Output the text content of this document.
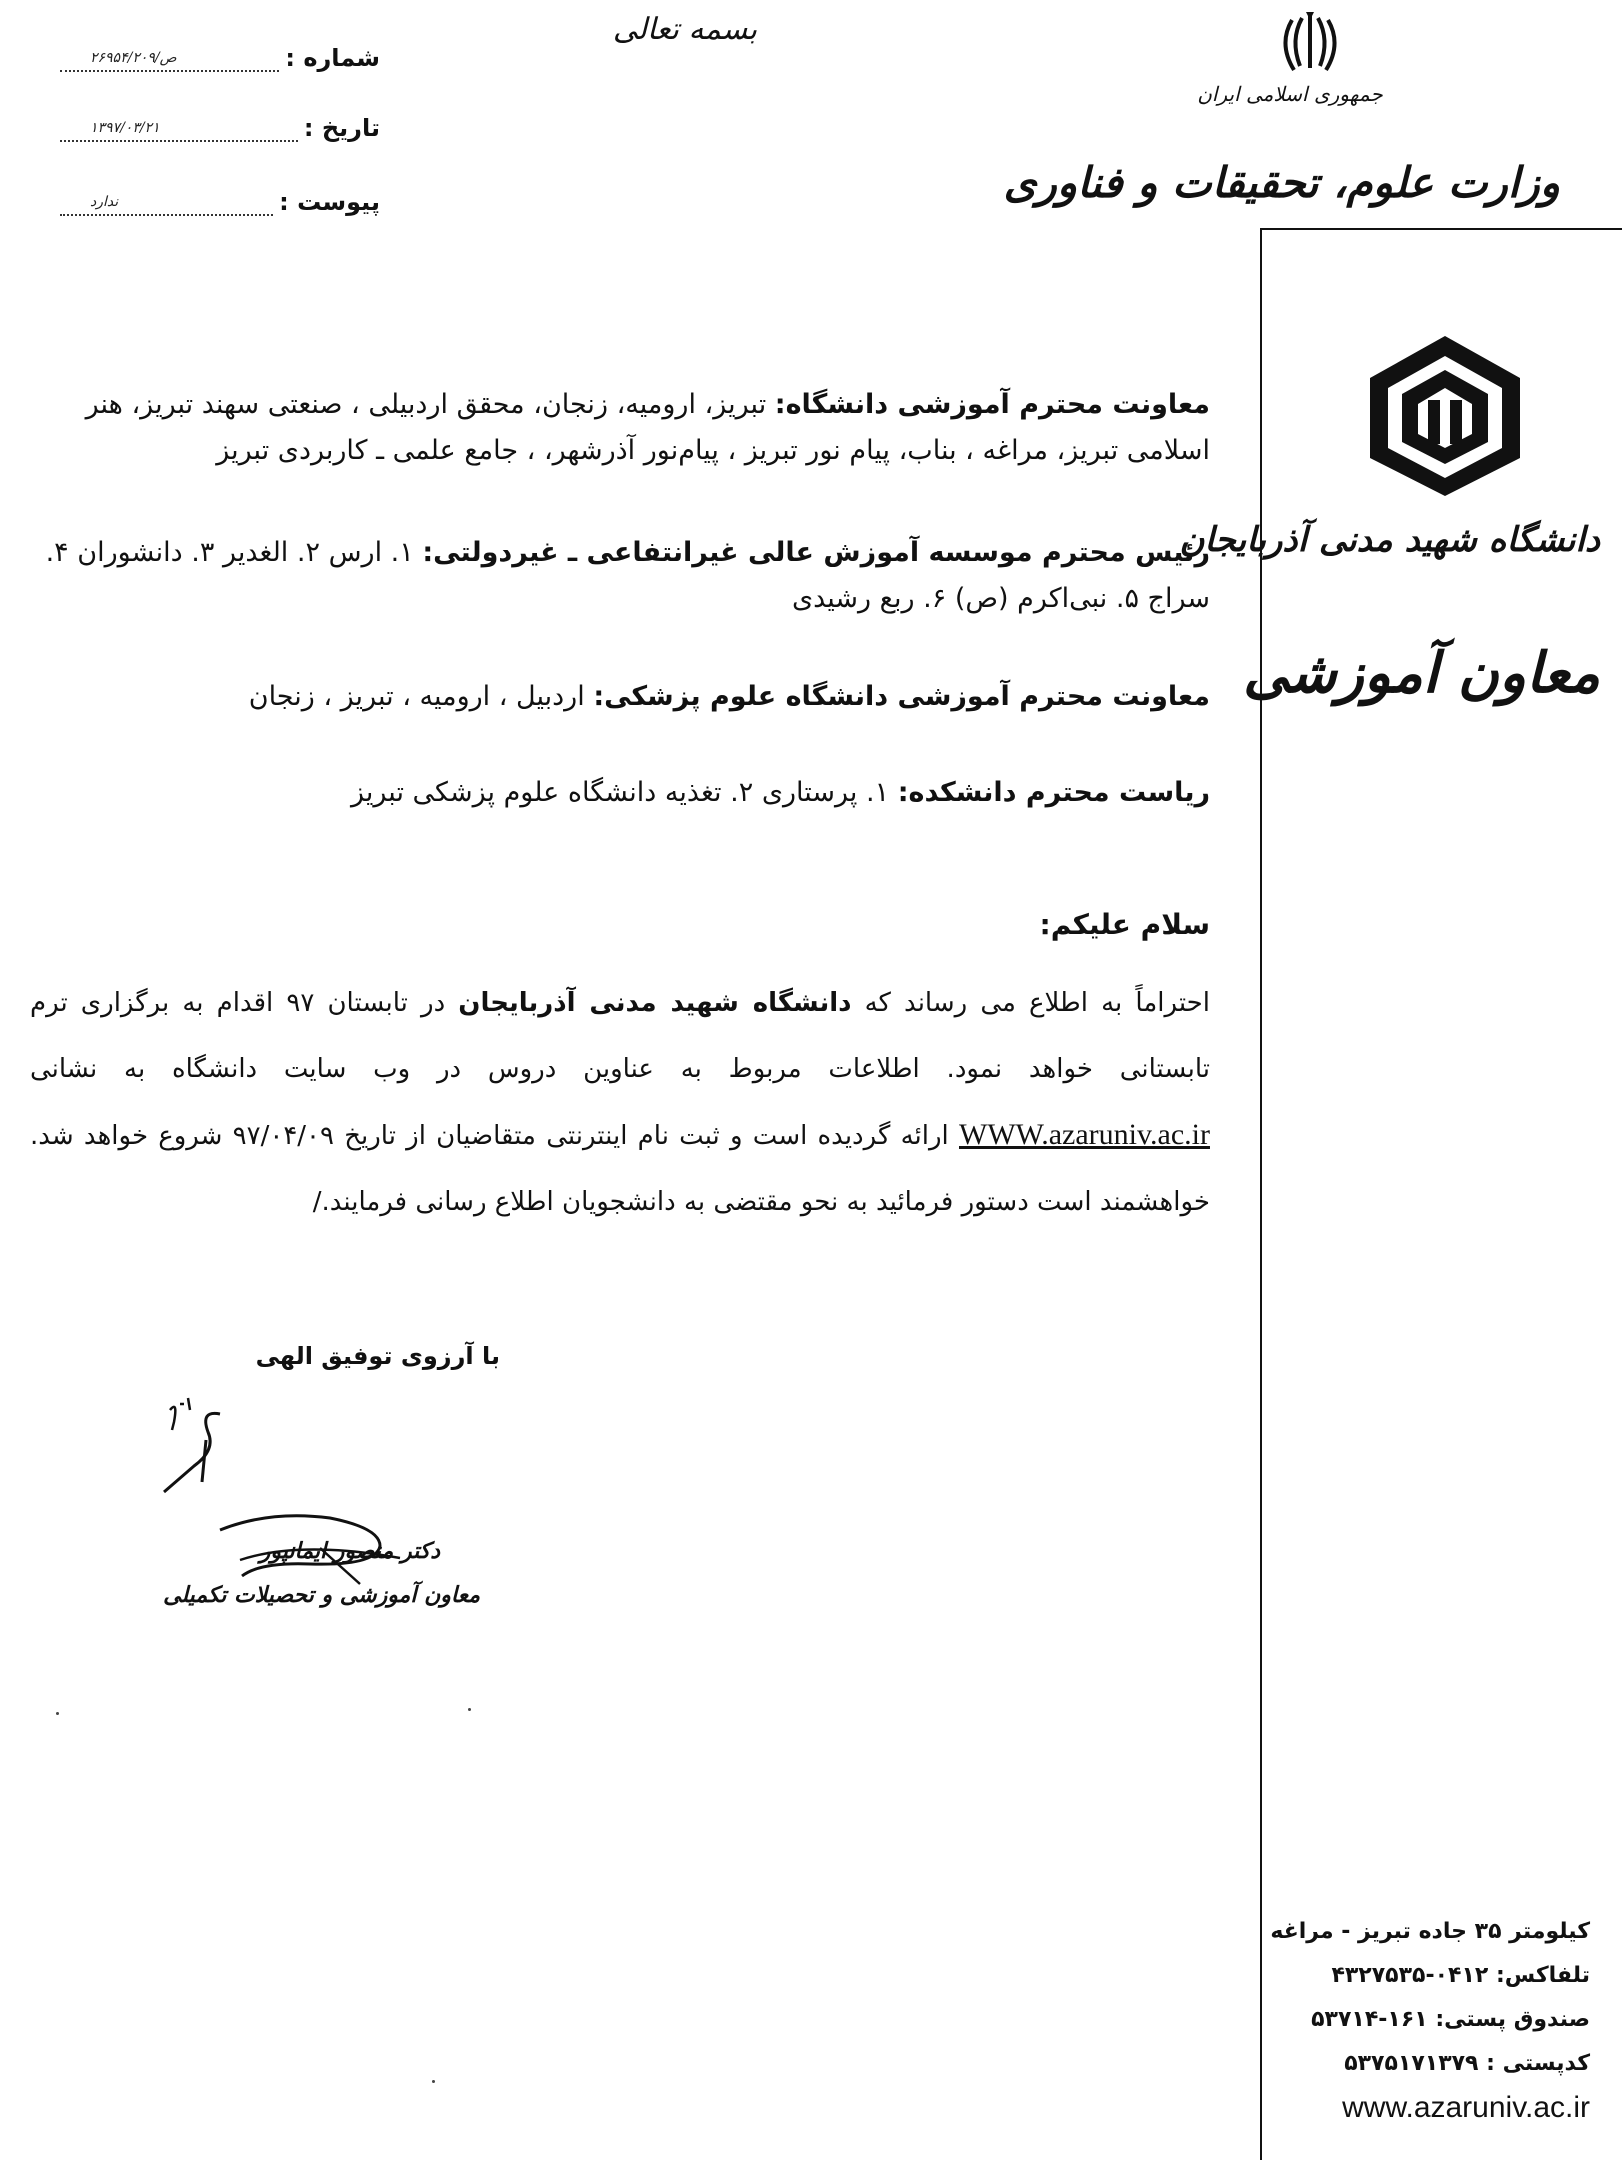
شماره :
۲۶۹۵۴/ص/۲۰۹
تاریخ :
۱۳۹۷/۰۳/۲۱
پیوست :
ندارد
بسمه تعالی
جمهوری اسلامی ایران
وزارت علوم، تحقیقات و فناوری
دانشگاه شهید مدنی آذربایجان
معاون آموزشی
کیلومتر ۳۵ جاده تبریز - مراغه
تلفاکس: ۰۴۱۲-۴۳۲۷۵۳۵
صندوق پستی: ۱۶۱-۵۳۷۱۴
کدپستی : ۵۳۷۵۱۷۱۳۷۹
www.azaruniv.ac.ir
معاونت محترم آموزشی دانشگاه: تبریز، ارومیه، زنجان، محقق اردبیلی ، صنعتی سهند تبریز، هنر اسلامی تبریز، مراغه ، بناب، پیام نور تبریز ، پیام‌نور آذرشهر، ، جامع علمی ـ کاربردی تبریز
رئیس محترم موسسه آموزش عالی غیرانتفاعی ـ غیردولتی: ۱. ارس ۲. الغدیر ۳. دانشوران ۴. سراج ۵. نبی‌اکرم (ص) ۶. ربع رشیدی
معاونت محترم آموزشی دانشگاه علوم پزشکی: اردبیل ، ارومیه ، تبریز ، زنجان
ریاست محترم دانشکده: ۱. پرستاری ۲. تغذیه دانشگاه علوم پزشکی تبریز
سلام علیکم:
احتراماً به اطلاع می رساند که دانشگاه شهید مدنی آذربایجان در تابستان ۹۷ اقدام به برگزاری ترم تابستانی خواهد نمود. اطلاعات مربوط به عناوین دروس در وب سایت دانشگاه به نشانی WWW.azaruniv.ac.ir ارائه گردیده است و ثبت نام اینترنتی متقاضیان از تاریخ ۹۷/۰۴/۰۹ شروع خواهد شد. خواهشمند است دستور فرمائید به نحو مقتضی به دانشجویان اطلاع رسانی فرمایند./
با آرزوی توفیق الهی
دکتر منصور ایمانپور
معاون آموزشی و تحصیلات تکمیلی
